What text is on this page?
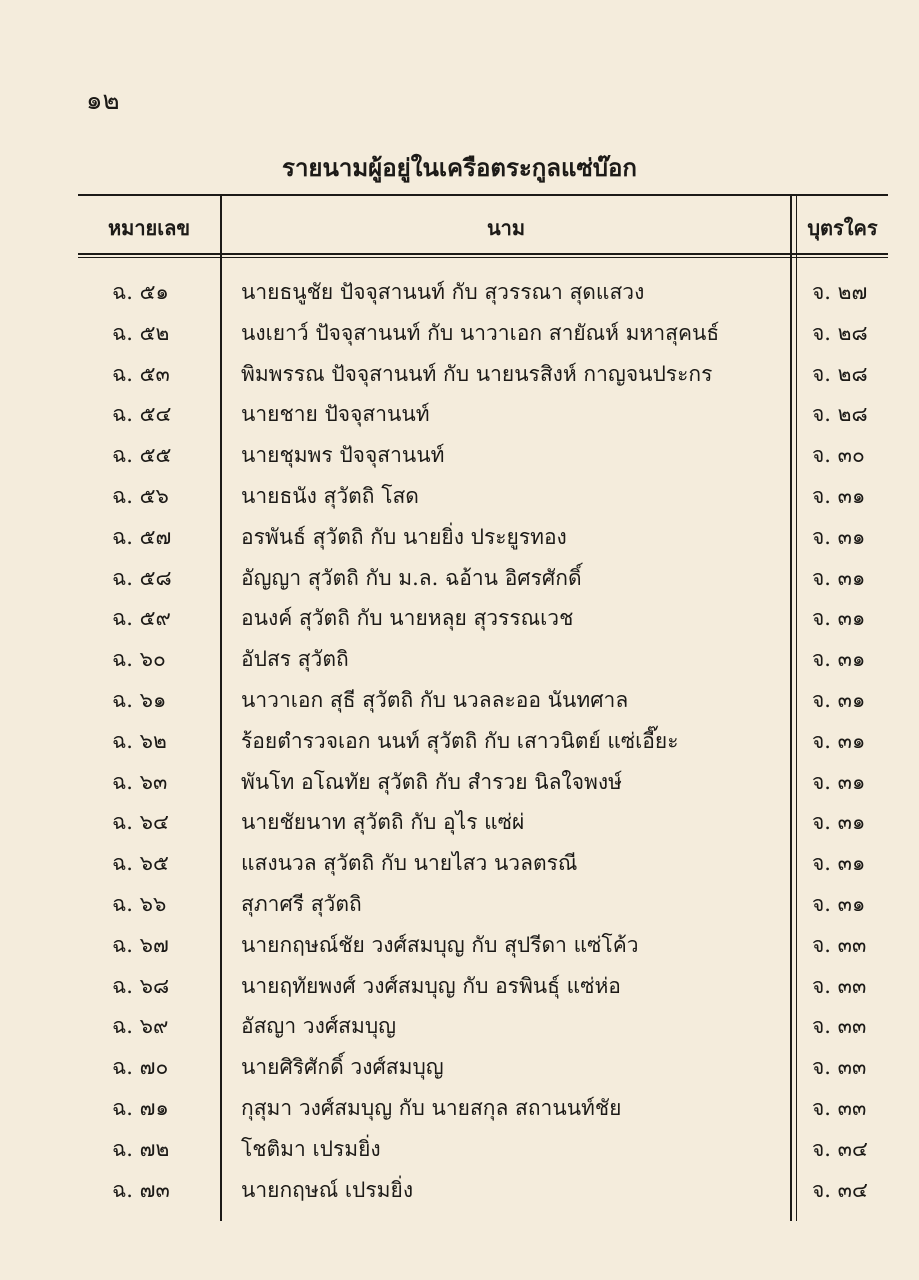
๑๒
รายนามผู้อยู่ในเครือตระกูลแซ่บ๊อก
หมายเลข	นาม	บุตรใคร
ฉ. ๕๑	นายธนูชัย ปัจจุสานนท์ กับ สุวรรณา สุดแสวง	จ. ๒๗
ฉ. ๕๒	นงเยาว์ ปัจจุสานนท์ กับ นาวาเอก สายัณห์ มหาสุคนธ์	จ. ๒๘
ฉ. ๕๓	พิมพรรณ ปัจจุสานนท์ กับ นายนรสิงห์ กาญจนประกร	จ. ๒๘
ฉ. ๕๔	นายชาย ปัจจุสานนท์	จ. ๒๘
ฉ. ๕๕	นายชุมพร ปัจจุสานนท์	จ. ๓๐
ฉ. ๕๖	นายธนัง สุวัตถิ โสด	จ. ๓๑
ฉ. ๕๗	อรพันธ์ สุวัตถิ กับ นายยิ่ง ประยูรทอง	จ. ๓๑
ฉ. ๕๘	อัญญา สุวัตถิ กับ ม.ล. ฉอ้าน อิศรศักดิ์	จ. ๓๑
ฉ. ๕๙	อนงค์ สุวัตถิ กับ นายหลุย สุวรรณเวช	จ. ๓๑
ฉ. ๖๐	อัปสร สุวัตถิ	จ. ๓๑
ฉ. ๖๑	นาวาเอก สุธี สุวัตถิ กับ นวลละออ นันทศาล	จ. ๓๑
ฉ. ๖๒	ร้อยตำรวจเอก นนท์ สุวัตถิ กับ เสาวนิตย์ แซ่เอี๊ยะ	จ. ๓๑
ฉ. ๖๓	พันโท อโณทัย สุวัตถิ กับ สำรวย นิลใจพงษ์	จ. ๓๑
ฉ. ๖๔	นายชัยนาท สุวัตถิ กับ อุไร แซ่ผ่	จ. ๓๑
ฉ. ๖๕	แสงนวล สุวัตถิ กับ นายไสว นวลตรณี	จ. ๓๑
ฉ. ๖๖	สุภาศรี สุวัตถิ	จ. ๓๑
ฉ. ๖๗	นายกฤษณ์ชัย วงศ์สมบุญ กับ สุปรีดา แซ่โค้ว	จ. ๓๓
ฉ. ๖๘	นายฤทัยพงศ์ วงศ์สมบุญ กับ อรพินธุ์ แซ่ห่อ	จ. ๓๓
ฉ. ๖๙	อัสญา วงศ์สมบุญ	จ. ๓๓
ฉ. ๗๐	นายศิริศักดิ์ วงศ์สมบุญ	จ. ๓๓
ฉ. ๗๑	กุสุมา วงศ์สมบุญ กับ นายสกุล สถานนท์ชัย	จ. ๓๓
ฉ. ๗๒	โชติมา เปรมยิ่ง	จ. ๓๔
ฉ. ๗๓	นายกฤษณ์ เปรมยิ่ง	จ. ๓๔
